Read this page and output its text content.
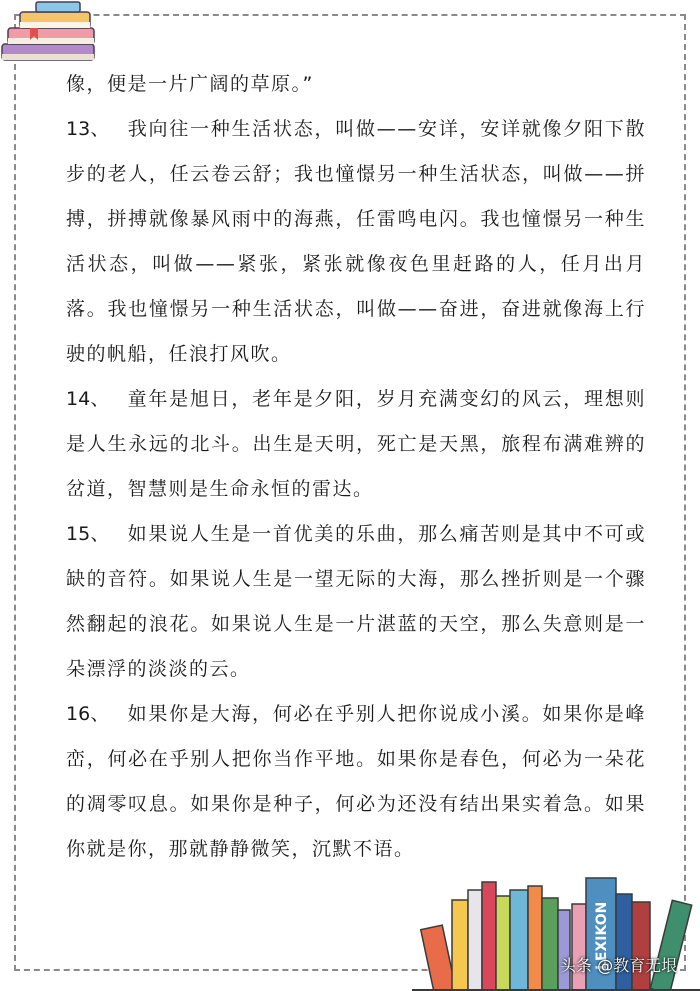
像，便是一片广阔的草原。”

13、 我向往一种生活状态，叫做——安详，安详就像夕阳下散步的老人，任云卷云舒；我也憧憬另一种生活状态，叫做——拼搏，拼搏就像暴风雨中的海燕，任雷鸣电闪。我也憧憬另一种生活状态，叫做——紧张，紧张就像夜色里赶路的人，任月出月落。我也憧憬另一种生活状态，叫做——奋进，奋进就像海上行驶的帆船，任浪打风吹。

14、 童年是旭日，老年是夕阳，岁月充满变幻的风云，理想则是人生永远的北斗。出生是天明，死亡是天黑，旅程布满难辨的岔道，智慧则是生命永恒的雷达。

15、 如果说人生是一首优美的乐曲，那么痛苦则是其中不可或缺的音符。如果说人生是一望无际的大海，那么挫折则是一个骤然翻起的浪花。如果说人生是一片湛蓝的天空，那么失意则是一朵漂浮的淡淡的云。

16、 如果你是大海，何必在乎别人把你说成小溪。如果你是峰峦，何必在乎别人把你当作平地。如果你是春色，何必为一朵花的凋零叹息。如果你是种子，何必为还没有结出果实着急。如果你就是你，那就静静微笑，沉默不语。

LEXIKON
头条 @教育无垠
